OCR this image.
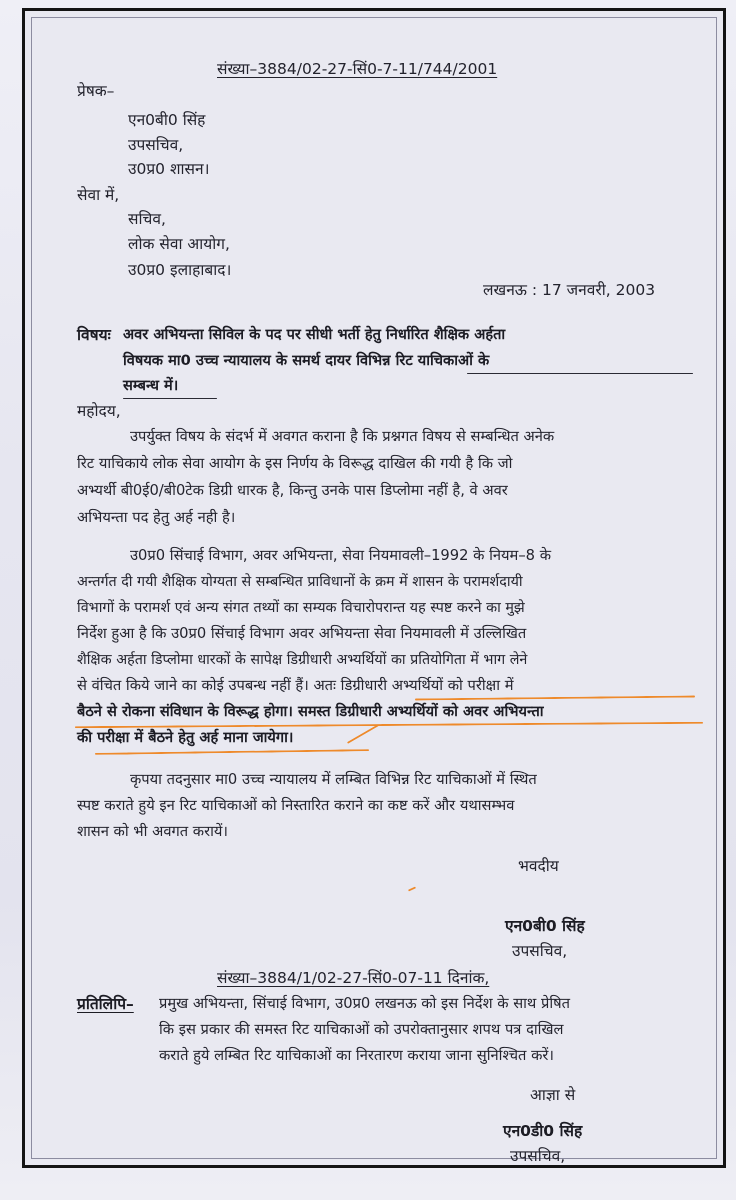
संख्या–3884/02-27-सिं0-7-11/744/2001
प्रेषक–
एन0बी0 सिंह
उपसचिव,
उ0प्र0 शासन।
सेवा में,
सचिव,
लोक सेवा आयोग,
उ0प्र0 इलाहाबाद।
लखनऊ : 17 जनवरी, 2003
विषयः अवर अभियन्ता सिविल के पद पर सीधी भर्ती हेतु निर्धारित शैक्षिक अर्हता
विषयक मा0 उच्च न्यायालय के समर्थ दायर विभिन्न रिट याचिकाओं के
सम्बन्ध में।
महोदय,
उपर्युक्त विषय के संदर्भ में अवगत कराना है कि प्रश्नगत विषय से सम्बन्धित अनेक
रिट याचिकाये लोक सेवा आयोग के इस निर्णय के विरूद्ध दाखिल की गयी है कि जो
अभ्यर्थी बी0ई0/बी0टेक डिग्री धारक है, किन्तु उनके पास डिप्लोमा नहीं है, वे अवर
अभियन्ता पद हेतु अर्ह नही है।
उ0प्र0 सिंचाई विभाग, अवर अभियन्ता, सेवा नियमावली–1992 के नियम–8 के
अन्तर्गत दी गयी शैक्षिक योग्यता से सम्बन्धित प्राविधानों के क्रम में शासन के परामर्शदायी
विभागों के परामर्श एवं अन्य संगत तथ्यों का सम्यक विचारोपरान्त यह स्पष्ट करने का मुझे
निर्देश हुआ है कि उ0प्र0 सिंचाई विभाग अवर अभियन्ता सेवा नियमावली में उल्लिखित
शैक्षिक अर्हता डिप्लोमा धारकों के सापेक्ष डिग्रीधारी अभ्यर्थियों का प्रतियोगिता में भाग लेने
से वंचित किये जाने का कोई उपबन्ध नहीं हैं। अतः डिग्रीधारी अभ्यर्थियों को परीक्षा में
बैठने से रोकना संविधान के विरूद्ध होगा। समस्त डिग्रीधारी अभ्यर्थियों को अवर अभियन्ता
की परीक्षा में बैठने हेतु अर्ह माना जायेगा।
कृपया तदनुसार मा0 उच्च न्यायालय में लम्बित विभिन्न रिट याचिकाओं में स्थित
स्पष्ट कराते हुये इन रिट याचिकाओं को निस्तारित कराने का कष्ट करें और यथासम्भव
शासन को भी अवगत करायें।
भवदीय
एन0बी0 सिंह
उपसचिव,
संख्या–3884/1/02-27-सिं0-07-11 दिनांक,
प्रतिलिपि– प्रमुख अभियन्ता, सिंचाई विभाग, उ0प्र0 लखनऊ को इस निर्देश के साथ प्रेषित
कि इस प्रकार की समस्त रिट याचिकाओं को उपरोक्तानुसार शपथ पत्र दाखिल
कराते हुये लम्बित रिट याचिकाओं का निरतारण कराया जाना सुनिश्चित करें।
आज्ञा से
एन0डी0 सिंह
उपसचिव,
